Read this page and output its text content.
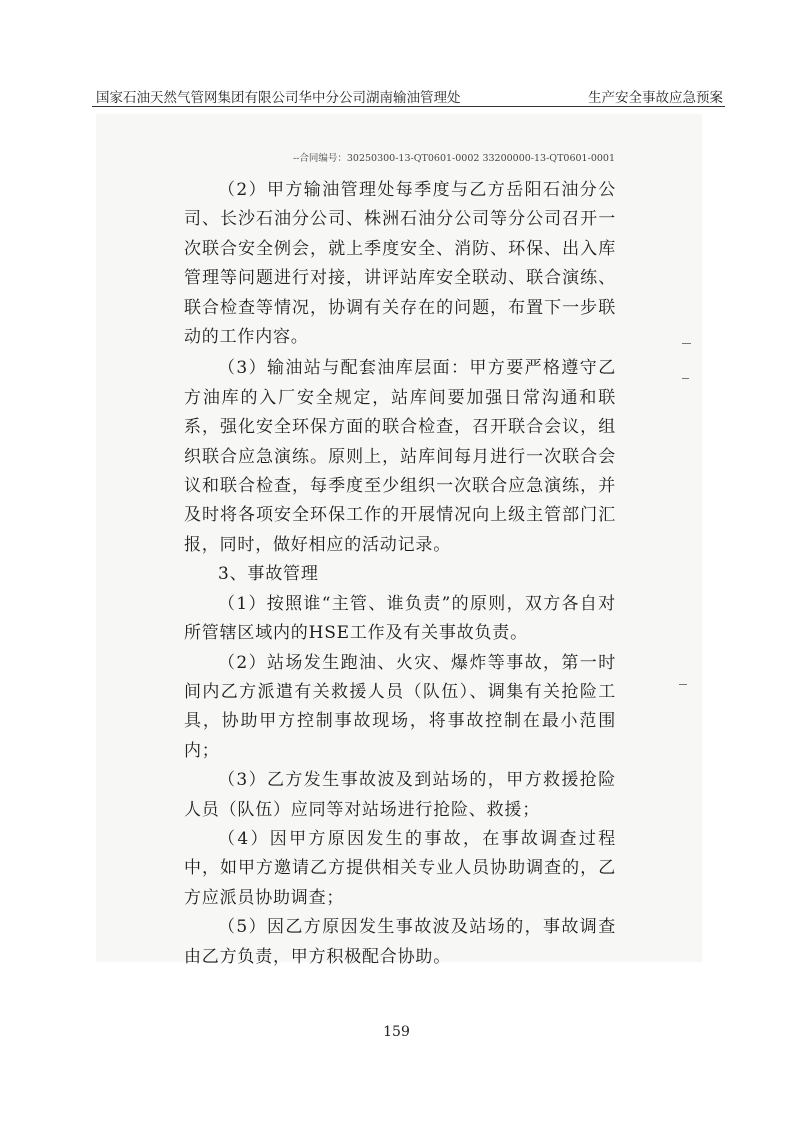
国家石油天然气管网集团有限公司华中分公司湖南输油管理处	生产安全事故应急预案
--合同编号：30250300-13-QT0601-0002 33200000-13-QT0601-0001

（2）甲方输油管理处每季度与乙方岳阳石油分公司、长沙石油分公司、株洲石油分公司等分公司召开一次联合安全例会，就上季度安全、消防、环保、出入库管理等问题进行对接，讲评站库安全联动、联合演练、联合检查等情况，协调有关存在的问题，布置下一步联动的工作内容。

（3）输油站与配套油库层面：甲方要严格遵守乙方油库的入厂安全规定，站库间要加强日常沟通和联系，强化安全环保方面的联合检查，召开联合会议，组织联合应急演练。原则上，站库间每月进行一次联合会议和联合检查，每季度至少组织一次联合应急演练，并及时将各项安全环保工作的开展情况向上级主管部门汇报，同时，做好相应的活动记录。

3、事故管理

（1）按照谁“主管、谁负责”的原则，双方各自对所管辖区域内的HSE工作及有关事故负责。

（2）站场发生跑油、火灾、爆炸等事故，第一时间内乙方派遣有关救援人员（队伍）、调集有关抢险工具，协助甲方控制事故现场，将事故控制在最小范围内；

（3）乙方发生事故波及到站场的，甲方救援抢险人员（队伍）应同等对站场进行抢险、救援；

（4）因甲方原因发生的事故，在事故调查过程中，如甲方邀请乙方提供相关专业人员协助调查的，乙方应派员协助调查；

（5）因乙方原因发生事故波及站场的，事故调查由乙方负责，甲方积极配合协助。

159
